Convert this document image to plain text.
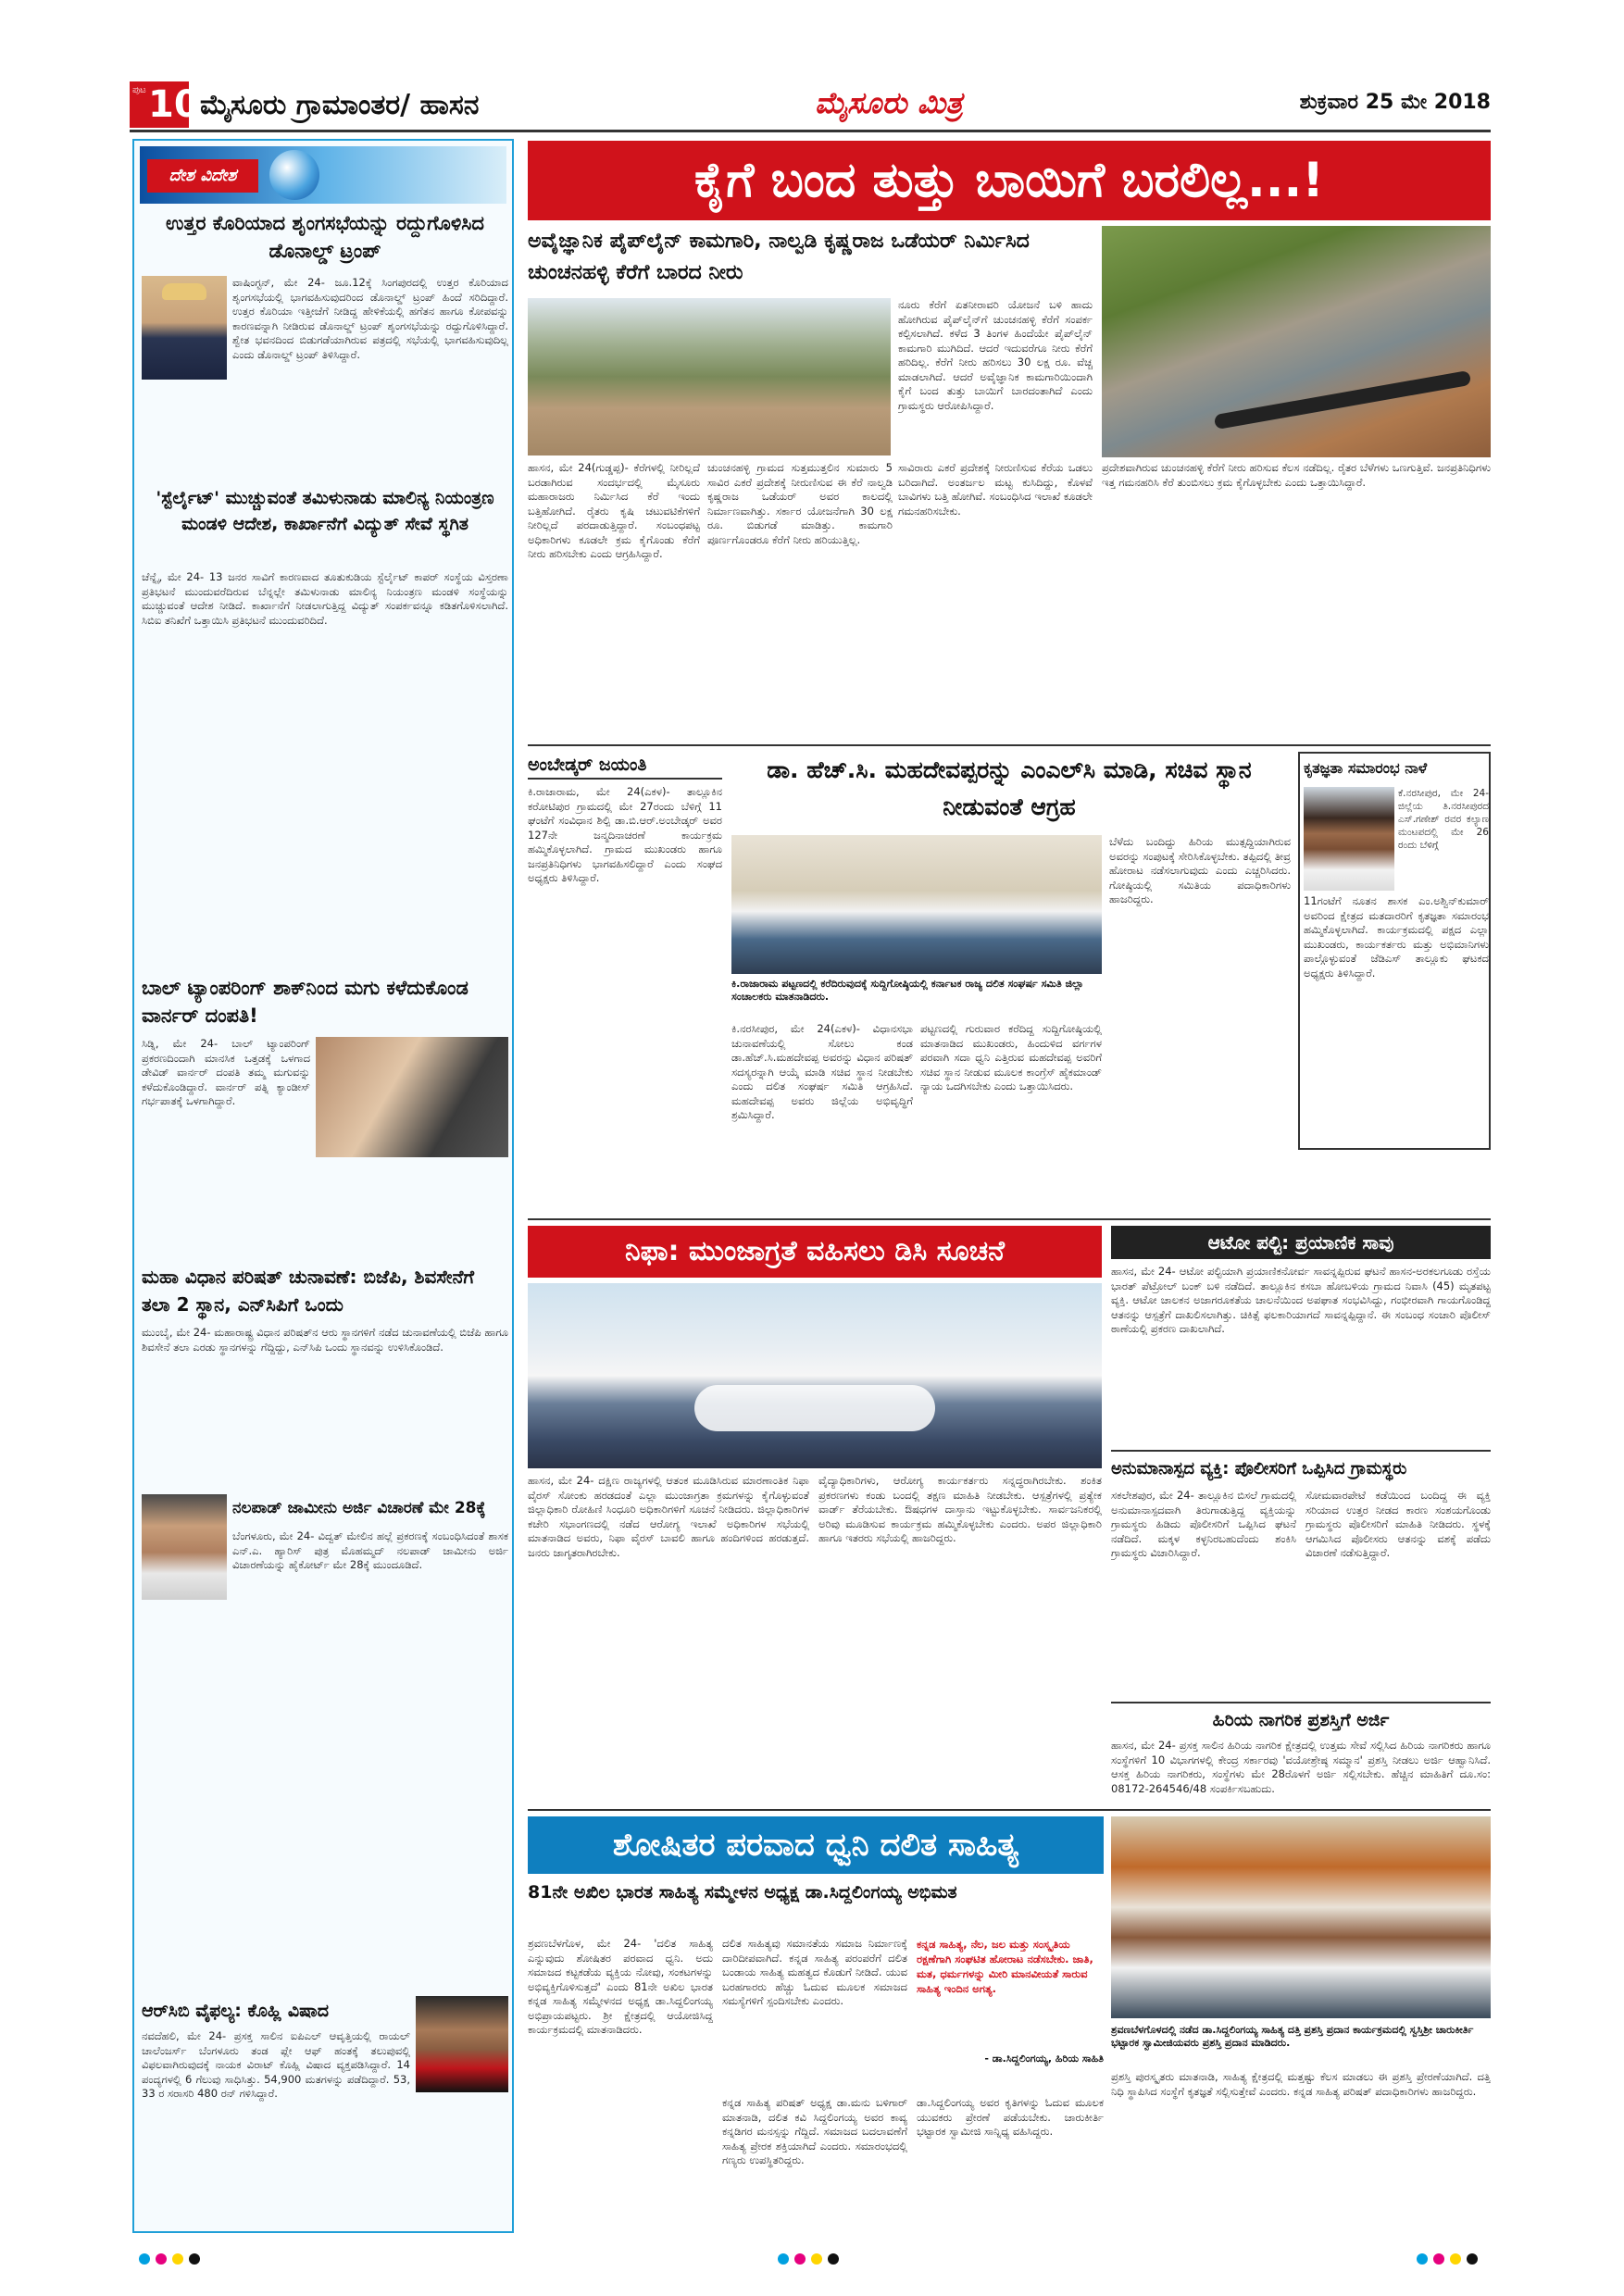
ಪುಟ 10 ಮೈಸೂರು ಗ್ರಾಮಾಂತರ/ ಹಾಸನ	ಮೈಸೂರು ಮಿತ್ರ	ಶುಕ್ರವಾರ 25 ಮೇ 2018
ದೇಶ ವಿದೇಶ
ಉತ್ತರ ಕೊರಿಯಾದ ಶೃಂಗಸಭೆಯನ್ನು ರದ್ದುಗೊಳಿಸಿದ ಡೊನಾಲ್ಡ್ ಟ್ರಂಪ್
ವಾಷಿಂಗ್ಟನ್, ಮೇ 24- ಜೂ.12ಕ್ಕೆ ಸಿಂಗಪುರದಲ್ಲಿ ಉತ್ತರ ಕೊರಿಯಾದ ಶೃಂಗಸಭೆಯಲ್ಲಿ ಭಾಗವಹಿಸುವುದರಿಂದ ಡೊನಾಲ್ಡ್ ಟ್ರಂಪ್ ಹಿಂದೆ ಸರಿದಿದ್ದಾರೆ. ಉತ್ತರ ಕೊರಿಯಾ ಇತ್ತೀಚೆಗೆ ನೀಡಿದ್ದ ಹೇಳಿಕೆಯಲ್ಲಿ ಹಗೆತನ ಹಾಗೂ ಕೋಪವನ್ನು ಕಾರಣವನ್ನಾಗಿ ನೀಡಿರುವ ಡೊನಾಲ್ಡ್ ಟ್ರಂಪ್ ಶೃಂಗಸಭೆಯನ್ನು ರದ್ದುಗೊಳಿಸಿದ್ದಾರೆ. ಶ್ವೇತ ಭವನದಿಂದ ಬಿಡುಗಡೆಯಾಗಿರುವ ಪತ್ರದಲ್ಲಿ ಸಭೆಯಲ್ಲಿ ಭಾಗವಹಿಸುವುದಿಲ್ಲ ಎಂದು ಡೊನಾಲ್ಡ್ ಟ್ರಂಪ್ ತಿಳಿಸಿದ್ದಾರೆ.
'ಸ್ಟೆರ್ಲೈಟ್' ಮುಚ್ಚುವಂತೆ ತಮಿಳುನಾಡು ಮಾಲಿನ್ಯ ನಿಯಂತ್ರಣ ಮಂಡಳಿ ಆದೇಶ, ಕಾರ್ಖಾನೆಗೆ ವಿದ್ಯುತ್ ಸೇವೆ ಸ್ಥಗಿತ
ಚೆನ್ನೈ, ಮೇ 24- 13 ಜನರ ಸಾವಿಗೆ ಕಾರಣವಾದ ತೂತುಕುಡಿಯ ಸ್ಟೆರ್ಲೈಟ್ ಕಾಪರ್ ಸಂಸ್ಥೆಯ ವಿಸ್ತರಣಾ ಪ್ರತಿಭಟನೆ ಮುಂದುವರೆದಿರುವ ಬೆನ್ನಲ್ಲೇ ತಮಿಳುನಾಡು ಮಾಲಿನ್ಯ ನಿಯಂತ್ರಣ ಮಂಡಳಿ ಸಂಸ್ಥೆಯನ್ನು ಮುಚ್ಚುವಂತೆ ಆದೇಶ ನೀಡಿದೆ. ಕಾರ್ಖಾನೆಗೆ ನೀಡಲಾಗುತ್ತಿದ್ದ ವಿದ್ಯುತ್ ಸಂಪರ್ಕವನ್ನೂ ಕಡಿತಗೊಳಿಸಲಾಗಿದೆ. ಸಿಬಿಐ ತನಿಖೆಗೆ ಒತ್ತಾಯಿಸಿ ಪ್ರತಿಭಟನೆ ಮುಂದುವರಿದಿದೆ.
ಬಾಲ್ ಟ್ಯಾಂಪರಿಂಗ್ ಶಾಕ್‌ನಿಂದ ಮಗು ಕಳೆದುಕೊಂಡ ವಾರ್ನರ್ ದಂಪತಿ!
ಸಿಡ್ನಿ, ಮೇ 24- ಬಾಲ್ ಟ್ಯಾಂಪರಿಂಗ್ ಪ್ರಕರಣದಿಂದಾಗಿ ಮಾನಸಿಕ ಒತ್ತಡಕ್ಕೆ ಒಳಗಾದ ಡೇವಿಡ್ ವಾರ್ನರ್ ದಂಪತಿ ತಮ್ಮ ಮಗುವನ್ನು ಕಳೆದುಕೊಂಡಿದ್ದಾರೆ. ವಾರ್ನರ್ ಪತ್ನಿ ಕ್ಯಾಂಡೀಸ್ ಗರ್ಭಪಾತಕ್ಕೆ ಒಳಗಾಗಿದ್ದಾರೆ.
ಮಹಾ ವಿಧಾನ ಪರಿಷತ್ ಚುನಾವಣೆ: ಬಿಜೆಪಿ, ಶಿವಸೇನೆಗೆ ತಲಾ 2 ಸ್ಥಾನ, ಎನ್‌ಸಿಪಿಗೆ ಒಂದು
ಮುಂಬೈ, ಮೇ 24- ಮಹಾರಾಷ್ಟ್ರ ವಿಧಾನ ಪರಿಷತ್‌ನ ಆರು ಸ್ಥಾನಗಳಿಗೆ ನಡೆದ ಚುನಾವಣೆಯಲ್ಲಿ ಬಿಜೆಪಿ ಹಾಗೂ ಶಿವಸೇನೆ ತಲಾ ಎರಡು ಸ್ಥಾನಗಳನ್ನು ಗೆದ್ದಿದ್ದು, ಎನ್‌ಸಿಪಿ ಒಂದು ಸ್ಥಾನವನ್ನು ಉಳಿಸಿಕೊಂಡಿದೆ.
ನಲಪಾಡ್ ಜಾಮೀನು ಅರ್ಜಿ ವಿಚಾರಣೆ ಮೇ 28ಕ್ಕೆ
ಬೆಂಗಳೂರು, ಮೇ 24- ವಿದ್ವತ್ ಮೇಲಿನ ಹಲ್ಲೆ ಪ್ರಕರಣಕ್ಕೆ ಸಂಬಂಧಿಸಿದಂತೆ ಶಾಸಕ ಎನ್.ಎ. ಹ್ಯಾರಿಸ್ ಪುತ್ರ ಮೊಹಮ್ಮದ್ ನಲಪಾಡ್ ಜಾಮೀನು ಅರ್ಜಿ ವಿಚಾರಣೆಯನ್ನು ಹೈಕೋರ್ಟ್ ಮೇ 28ಕ್ಕೆ ಮುಂದೂಡಿದೆ.
ಆರ್‌ಸಿಬಿ ವೈಫಲ್ಯ: ಕೊಹ್ಲಿ ವಿಷಾದ
ನವದೆಹಲಿ, ಮೇ 24- ಪ್ರಸಕ್ತ ಸಾಲಿನ ಐಪಿಎಲ್ ಆವೃತ್ತಿಯಲ್ಲಿ ರಾಯಲ್ ಚಾಲೆಂಜರ್ಸ್ ಬೆಂಗಳೂರು ತಂಡ ಪ್ಲೇ ಆಫ್ ಹಂತಕ್ಕೆ ತಲುಪುವಲ್ಲಿ ವಿಫಲವಾಗಿರುವುದಕ್ಕೆ ನಾಯಕ ವಿರಾಟ್ ಕೊಹ್ಲಿ ವಿಷಾದ ವ್ಯಕ್ತಪಡಿಸಿದ್ದಾರೆ. 14 ಪಂದ್ಯಗಳಲ್ಲಿ 6 ಗೆಲುವು ಸಾಧಿಸಿತ್ತು. 54,900 ಮತಗಳನ್ನು ಪಡೆದಿದ್ದಾರೆ. 53, 33 ರ ಸರಾಸರಿ 480 ರನ್ ಗಳಿಸಿದ್ದಾರೆ.
ಕೈಗೆ ಬಂದ ತುತ್ತು ಬಾಯಿಗೆ ಬರಲಿಲ್ಲ...!
ಅವೈಜ್ಞಾನಿಕ ಪೈಪ್‌ಲೈನ್ ಕಾಮಗಾರಿ, ನಾಲ್ವಡಿ ಕೃಷ್ಣರಾಜ ಒಡೆಯರ್ ನಿರ್ಮಿಸಿದ ಚುಂಚನಹಳ್ಳಿ ಕೆರೆಗೆ ಬಾರದ ನೀರು
ನೂರು ಕೆರೆಗೆ ಏತನೀರಾವರಿ ಯೋಜನೆ ಬಳಿ ಹಾದು ಹೋಗಿರುವ ಪೈಪ್‌ಲೈನ್‌ಗೆ ಚುಂಚನಹಳ್ಳಿ ಕೆರೆಗೆ ಸಂಪರ್ಕ ಕಲ್ಪಿಸಲಾಗಿದೆ. ಕಳೆದ 3 ತಿಂಗಳ ಹಿಂದೆಯೇ ಪೈಪ್‌ಲೈನ್ ಕಾಮಗಾರಿ ಮುಗಿದಿದೆ. ಆದರೆ ಇದುವರೆಗೂ ನೀರು ಕೆರೆಗೆ ಹರಿದಿಲ್ಲ. ಕೆರೆಗೆ ನೀರು ಹರಿಸಲು 30 ಲಕ್ಷ ರೂ. ವೆಚ್ಚ ಮಾಡಲಾಗಿದೆ. ಆದರೆ ಅವೈಜ್ಞಾನಿಕ ಕಾಮಗಾರಿಯಿಂದಾಗಿ ಕೈಗೆ ಬಂದ ತುತ್ತು ಬಾಯಿಗೆ ಬಾರದಂತಾಗಿದೆ ಎಂದು ಗ್ರಾಮಸ್ಥರು ಆರೋಪಿಸಿದ್ದಾರೆ.
ಹಾಸನ, ಮೇ 24(ಗುಡ್ಡಪ್ಪ)- ಕೆರೆಗಳಲ್ಲಿ ನೀರಿಲ್ಲದೆ ಬರಡಾಗಿರುವ ಸಂದರ್ಭದಲ್ಲಿ ಮೈಸೂರು ಮಹಾರಾಜರು ನಿರ್ಮಿಸಿದ ಕೆರೆ ಇಂದು ಬತ್ತಿಹೋಗಿದೆ. ರೈತರು ಕೃಷಿ ಚಟುವಟಿಕೆಗಳಿಗೆ ನೀರಿಲ್ಲದೆ ಪರದಾಡುತ್ತಿದ್ದಾರೆ. ಸಂಬಂಧಪಟ್ಟ ಅಧಿಕಾರಿಗಳು ಕೂಡಲೇ ಕ್ರಮ ಕೈಗೊಂಡು ಕೆರೆಗೆ ನೀರು ಹರಿಸಬೇಕು ಎಂದು ಆಗ್ರಹಿಸಿದ್ದಾರೆ.
ಚುಂಚನಹಳ್ಳಿ ಗ್ರಾಮದ ಸುತ್ತಮುತ್ತಲಿನ ಸುಮಾರು 5 ಸಾವಿರ ಎಕರೆ ಪ್ರದೇಶಕ್ಕೆ ನೀರುಣಿಸುವ ಈ ಕೆರೆ ನಾಲ್ವಡಿ ಕೃಷ್ಣರಾಜ ಒಡೆಯರ್ ಅವರ ಕಾಲದಲ್ಲಿ ನಿರ್ಮಾಣವಾಗಿತ್ತು. ಸರ್ಕಾರ ಯೋಜನೆಗಾಗಿ 30 ಲಕ್ಷ ರೂ. ಬಿಡುಗಡೆ ಮಾಡಿತ್ತು. ಕಾಮಗಾರಿ ಪೂರ್ಣಗೊಂಡರೂ ಕೆರೆಗೆ ನೀರು ಹರಿಯುತ್ತಿಲ್ಲ.
ಸಾವಿರಾರು ಎಕರೆ ಪ್ರದೇಶಕ್ಕೆ ನೀರುಣಿಸುವ ಕೆರೆಯ ಒಡಲು ಬರಿದಾಗಿದೆ. ಅಂತರ್ಜಲ ಮಟ್ಟ ಕುಸಿದಿದ್ದು, ಕೊಳವೆ ಬಾವಿಗಳು ಬತ್ತಿ ಹೋಗಿವೆ. ಸಂಬಂಧಿಸಿದ ಇಲಾಖೆ ಕೂಡಲೇ ಗಮನಹರಿಸಬೇಕು.
ಪ್ರದೇಶವಾಗಿರುವ ಚುಂಚನಹಳ್ಳಿ ಕೆರೆಗೆ ನೀರು ಹರಿಸುವ ಕೆಲಸ ನಡೆದಿಲ್ಲ. ರೈತರ ಬೆಳೆಗಳು ಒಣಗುತ್ತಿವೆ. ಜನಪ್ರತಿನಿಧಿಗಳು ಇತ್ತ ಗಮನಹರಿಸಿ ಕೆರೆ ತುಂಬಿಸಲು ಕ್ರಮ ಕೈಗೊಳ್ಳಬೇಕು ಎಂದು ಒತ್ತಾಯಿಸಿದ್ದಾರೆ.
ಅಂಬೇಡ್ಕರ್ ಜಯಂತಿ
ಕಿ.ರಾಜಾರಾಮ, ಮೇ 24(ಎಕಳ)- ತಾಲ್ಲೂಕಿನ ಕರೋಟಿಪುರ ಗ್ರಾಮದಲ್ಲಿ ಮೇ 27ರಂದು ಬೆಳಿಗ್ಗೆ 11 ಘಂಟೆಗೆ ಸಂವಿಧಾನ ಶಿಲ್ಪಿ ಡಾ.ಬಿ.ಆರ್.ಅಂಬೇಡ್ಕರ್ ಅವರ 127ನೇ ಜನ್ಮದಿನಾಚರಣೆ ಕಾರ್ಯಕ್ರಮ ಹಮ್ಮಿಕೊಳ್ಳಲಾಗಿದೆ. ಗ್ರಾಮದ ಮುಖಂಡರು ಹಾಗೂ ಜನಪ್ರತಿನಿಧಿಗಳು ಭಾಗವಹಿಸಲಿದ್ದಾರೆ ಎಂದು ಸಂಘದ ಅಧ್ಯಕ್ಷರು ತಿಳಿಸಿದ್ದಾರೆ.
ಡಾ. ಹೆಚ್.ಸಿ. ಮಹದೇವಪ್ಪರನ್ನು ಎಂಎಲ್‌ಸಿ ಮಾಡಿ, ಸಚಿವ ಸ್ಥಾನ ನೀಡುವಂತೆ ಆಗ್ರಹ
ಕಿ.ರಾಜಾರಾಮ ಪಟ್ಟಣದಲ್ಲಿ ಕರೆದಿರುವುದಕ್ಕೆ ಸುದ್ದಿಗೋಷ್ಠಿಯಲ್ಲಿ ಕರ್ನಾಟಕ ರಾಜ್ಯ ದಲಿತ ಸಂಘರ್ಷ ಸಮಿತಿ ಜಿಲ್ಲಾ ಸಂಚಾಲಕರು ಮಾತನಾಡಿದರು.
ಕಿ.ನರಸೀಪುರ, ಮೇ 24(ಎಕಳ)- ವಿಧಾನಸಭಾ ಚುನಾವಣೆಯಲ್ಲಿ ಸೋಲು ಕಂಡ ಡಾ.ಹೆಚ್.ಸಿ.ಮಹದೇವಪ್ಪ ಅವರನ್ನು ವಿಧಾನ ಪರಿಷತ್ ಸದಸ್ಯರನ್ನಾಗಿ ಆಯ್ಕೆ ಮಾಡಿ ಸಚಿವ ಸ್ಥಾನ ನೀಡಬೇಕು ಎಂದು ದಲಿತ ಸಂಘರ್ಷ ಸಮಿತಿ ಆಗ್ರಹಿಸಿದೆ. ಮಹದೇವಪ್ಪ ಅವರು ಜಿಲ್ಲೆಯ ಅಭಿವೃದ್ಧಿಗೆ ಶ್ರಮಿಸಿದ್ದಾರೆ.
ಪಟ್ಟಣದಲ್ಲಿ ಗುರುವಾರ ಕರೆದಿದ್ದ ಸುದ್ದಿಗೋಷ್ಠಿಯಲ್ಲಿ ಮಾತನಾಡಿದ ಮುಖಂಡರು, ಹಿಂದುಳಿದ ವರ್ಗಗಳ ಪರವಾಗಿ ಸದಾ ಧ್ವನಿ ಎತ್ತಿರುವ ಮಹದೇವಪ್ಪ ಅವರಿಗೆ ಸಚಿವ ಸ್ಥಾನ ನೀಡುವ ಮೂಲಕ ಕಾಂಗ್ರೆಸ್ ಹೈಕಮಾಂಡ್ ನ್ಯಾಯ ಒದಗಿಸಬೇಕು ಎಂದು ಒತ್ತಾಯಿಸಿದರು.
ಬೆಳೆದು ಬಂದಿದ್ದು ಹಿರಿಯ ಮುತ್ಸದ್ದಿಯಾಗಿರುವ ಅವರನ್ನು ಸಂಪುಟಕ್ಕೆ ಸೇರಿಸಿಕೊಳ್ಳಬೇಕು. ತಪ್ಪಿದಲ್ಲಿ ತೀವ್ರ ಹೋರಾಟ ನಡೆಸಲಾಗುವುದು ಎಂದು ಎಚ್ಚರಿಸಿದರು. ಗೋಷ್ಠಿಯಲ್ಲಿ ಸಮಿತಿಯ ಪದಾಧಿಕಾರಿಗಳು ಹಾಜರಿದ್ದರು.
ಕೃತಜ್ಞತಾ ಸಮಾರಂಭ ನಾಳೆ
ಕೆ.ನರಸೀಪುರ, ಮೇ 24- ಜಿಲ್ಲೆಯ ತಿ.ನರಸೀಪುರದ ಎಸ್.ಗಣೇಶ್ ರವರ ಕಲ್ಯಾಣ ಮಂಟಪದಲ್ಲಿ ಮೇ 26 ರಂದು ಬೆಳಿಗ್ಗೆ
11ಗಂಟೆಗೆ ನೂತನ ಶಾಸಕ ಎಂ.ಅಶ್ವಿನ್‌ಕುಮಾರ್ ಅವರಿಂದ ಕ್ಷೇತ್ರದ ಮತದಾರರಿಗೆ ಕೃತಜ್ಞತಾ ಸಮಾರಂಭ ಹಮ್ಮಿಕೊಳ್ಳಲಾಗಿದೆ. ಕಾರ್ಯಕ್ರಮದಲ್ಲಿ ಪಕ್ಷದ ಎಲ್ಲಾ ಮುಖಂಡರು, ಕಾರ್ಯಕರ್ತರು ಮತ್ತು ಅಭಿಮಾನಿಗಳು ಪಾಲ್ಗೊಳ್ಳುವಂತೆ ಜೆಡಿಎಸ್ ತಾಲ್ಲೂಕು ಘಟಕದ ಅಧ್ಯಕ್ಷರು ತಿಳಿಸಿದ್ದಾರೆ.
ನಿಫಾ: ಮುಂಜಾಗ್ರತೆ ವಹಿಸಲು ಡಿಸಿ ಸೂಚನೆ
ಹಾಸನ, ಮೇ 24- ದಕ್ಷಿಣ ರಾಜ್ಯಗಳಲ್ಲಿ ಆತಂಕ ಮೂಡಿಸಿರುವ ಮಾರಣಾಂತಿಕ ನಿಫಾ ವೈರಸ್ ಸೋಂಕು ಹರಡದಂತೆ ಎಲ್ಲಾ ಮುಂಜಾಗ್ರತಾ ಕ್ರಮಗಳನ್ನು ಕೈಗೊಳ್ಳುವಂತೆ ಜಿಲ್ಲಾಧಿಕಾರಿ ರೋಹಿಣಿ ಸಿಂಧೂರಿ ಅಧಿಕಾರಿಗಳಿಗೆ ಸೂಚನೆ ನೀಡಿದರು. ಜಿಲ್ಲಾಧಿಕಾರಿಗಳ ಕಚೇರಿ ಸಭಾಂಗಣದಲ್ಲಿ ನಡೆದ ಆರೋಗ್ಯ ಇಲಾಖೆ ಅಧಿಕಾರಿಗಳ ಸಭೆಯಲ್ಲಿ ಮಾತನಾಡಿದ ಅವರು, ನಿಫಾ ವೈರಸ್ ಬಾವಲಿ ಹಾಗೂ ಹಂದಿಗಳಿಂದ ಹರಡುತ್ತದೆ. ಜನರು ಜಾಗೃತರಾಗಿರಬೇಕು.
ವೈದ್ಯಾಧಿಕಾರಿಗಳು, ಆರೋಗ್ಯ ಕಾರ್ಯಕರ್ತರು ಸನ್ನದ್ಧರಾಗಿರಬೇಕು. ಶಂಕಿತ ಪ್ರಕರಣಗಳು ಕಂಡು ಬಂದಲ್ಲಿ ತಕ್ಷಣ ಮಾಹಿತಿ ನೀಡಬೇಕು. ಆಸ್ಪತ್ರೆಗಳಲ್ಲಿ ಪ್ರತ್ಯೇಕ ವಾರ್ಡ್ ತೆರೆಯಬೇಕು. ಔಷಧಗಳ ದಾಸ್ತಾನು ಇಟ್ಟುಕೊಳ್ಳಬೇಕು. ಸಾರ್ವಜನಿಕರಲ್ಲಿ ಅರಿವು ಮೂಡಿಸುವ ಕಾರ್ಯಕ್ರಮ ಹಮ್ಮಿಕೊಳ್ಳಬೇಕು ಎಂದರು. ಅಪರ ಜಿಲ್ಲಾಧಿಕಾರಿ ಹಾಗೂ ಇತರರು ಸಭೆಯಲ್ಲಿ ಹಾಜರಿದ್ದರು.
ಆಟೋ ಪಲ್ಟಿ: ಪ್ರಯಾಣಿಕ ಸಾವು
ಹಾಸನ, ಮೇ 24- ಆಟೋ ಪಲ್ಟಿಯಾಗಿ ಪ್ರಯಾಣಿಕನೋರ್ವ ಸಾವನ್ನಪ್ಪಿರುವ ಘಟನೆ ಹಾಸನ-ಅರಕಲಗೂಡು ರಸ್ತೆಯ ಭಾರತ್ ಪೆಟ್ರೋಲ್ ಬಂಕ್ ಬಳಿ ನಡೆದಿದೆ. ತಾಲ್ಲೂಕಿನ ಕಸಬಾ ಹೋಬಳಿಯ ಗ್ರಾಮದ ನಿವಾಸಿ (45) ಮೃತಪಟ್ಟ ವ್ಯಕ್ತಿ. ಆಟೋ ಚಾಲಕನ ಅಜಾಗರೂಕತೆಯ ಚಾಲನೆಯಿಂದ ಅಪಘಾತ ಸಂಭವಿಸಿದ್ದು, ಗಂಭೀರವಾಗಿ ಗಾಯಗೊಂಡಿದ್ದ ಆತನನ್ನು ಆಸ್ಪತ್ರೆಗೆ ದಾಖಲಿಸಲಾಗಿತ್ತು. ಚಿಕಿತ್ಸೆ ಫಲಕಾರಿಯಾಗದೆ ಸಾವನ್ನಪ್ಪಿದ್ದಾನೆ. ಈ ಸಂಬಂಧ ಸಂಚಾರಿ ಪೊಲೀಸ್ ಠಾಣೆಯಲ್ಲಿ ಪ್ರಕರಣ ದಾಖಲಾಗಿದೆ.
ಅನುಮಾನಾಸ್ಪದ ವ್ಯಕ್ತಿ: ಪೊಲೀಸರಿಗೆ ಒಪ್ಪಿಸಿದ ಗ್ರಾಮಸ್ಥರು
ಸಕಲೇಶಪುರ, ಮೇ 24- ತಾಲ್ಲೂಕಿನ ಬಿಸಲೆ ಗ್ರಾಮದಲ್ಲಿ ಅನುಮಾನಾಸ್ಪದವಾಗಿ ತಿರುಗಾಡುತ್ತಿದ್ದ ವ್ಯಕ್ತಿಯನ್ನು ಗ್ರಾಮಸ್ಥರು ಹಿಡಿದು ಪೊಲೀಸರಿಗೆ ಒಪ್ಪಿಸಿದ ಘಟನೆ ನಡೆದಿದೆ. ಮಕ್ಕಳ ಕಳ್ಳನಿರಬಹುದೆಂದು ಶಂಕಿಸಿ ಗ್ರಾಮಸ್ಥರು ವಿಚಾರಿಸಿದ್ದಾರೆ.
ಸೋಮವಾರಪೇಟೆ ಕಡೆಯಿಂದ ಬಂದಿದ್ದ ಈ ವ್ಯಕ್ತಿ ಸರಿಯಾದ ಉತ್ತರ ನೀಡದ ಕಾರಣ ಸಂಶಯಗೊಂಡು ಗ್ರಾಮಸ್ಥರು ಪೊಲೀಸರಿಗೆ ಮಾಹಿತಿ ನೀಡಿದರು. ಸ್ಥಳಕ್ಕೆ ಆಗಮಿಸಿದ ಪೊಲೀಸರು ಆತನನ್ನು ವಶಕ್ಕೆ ಪಡೆದು ವಿಚಾರಣೆ ನಡೆಸುತ್ತಿದ್ದಾರೆ.
ಹಿರಿಯ ನಾಗರಿಕ ಪ್ರಶಸ್ತಿಗೆ ಅರ್ಜಿ
ಹಾಸನ, ಮೇ 24- ಪ್ರಸಕ್ತ ಸಾಲಿನ ಹಿರಿಯ ನಾಗರಿಕ ಕ್ಷೇತ್ರದಲ್ಲಿ ಉತ್ತಮ ಸೇವೆ ಸಲ್ಲಿಸಿದ ಹಿರಿಯ ನಾಗರಿಕರು ಹಾಗೂ ಸಂಸ್ಥೆಗಳಿಗೆ 10 ವಿಭಾಗಗಳಲ್ಲಿ ಕೇಂದ್ರ ಸರ್ಕಾರವು 'ವಯೋಶ್ರೇಷ್ಠ ಸಮ್ಮಾನ' ಪ್ರಶಸ್ತಿ ನೀಡಲು ಅರ್ಜಿ ಆಹ್ವಾನಿಸಿದೆ. ಆಸಕ್ತ ಹಿರಿಯ ನಾಗರಿಕರು, ಸಂಸ್ಥೆಗಳು ಮೇ 28ರೊಳಗೆ ಅರ್ಜಿ ಸಲ್ಲಿಸಬೇಕು. ಹೆಚ್ಚಿನ ಮಾಹಿತಿಗೆ ದೂ.ಸಂ: 08172-264546/48 ಸಂಪರ್ಕಿಸಬಹುದು.
ಶೋಷಿತರ ಪರವಾದ ಧ್ವನಿ ದಲಿತ ಸಾಹಿತ್ಯ
81ನೇ ಅಖಿಲ ಭಾರತ ಸಾಹಿತ್ಯ ಸಮ್ಮೇಳನ ಅಧ್ಯಕ್ಷ ಡಾ.ಸಿದ್ದಲಿಂಗಯ್ಯ ಅಭಿಮತ
ಶ್ರವಣಬೆಳಗೊಳ, ಮೇ 24- 'ದಲಿತ ಸಾಹಿತ್ಯ ಎನ್ನುವುದು ಶೋಷಿತರ ಪರವಾದ ಧ್ವನಿ. ಅದು ಸಮಾಜದ ಕಟ್ಟಕಡೆಯ ವ್ಯಕ್ತಿಯ ನೋವು, ಸಂಕಟಗಳನ್ನು ಅಭಿವ್ಯಕ್ತಿಗೊಳಿಸುತ್ತದೆ' ಎಂದು 81ನೇ ಅಖಿಲ ಭಾರತ ಕನ್ನಡ ಸಾಹಿತ್ಯ ಸಮ್ಮೇಳನದ ಅಧ್ಯಕ್ಷ ಡಾ.ಸಿದ್ದಲಿಂಗಯ್ಯ ಅಭಿಪ್ರಾಯಪಟ್ಟರು. ಶ್ರೀ ಕ್ಷೇತ್ರದಲ್ಲಿ ಆಯೋಜಿಸಿದ್ದ ಕಾರ್ಯಕ್ರಮದಲ್ಲಿ ಮಾತನಾಡಿದರು.
ದಲಿತ ಸಾಹಿತ್ಯವು ಸಮಾನತೆಯ ಸಮಾಜ ನಿರ್ಮಾಣಕ್ಕೆ ದಾರಿದೀಪವಾಗಿದೆ. ಕನ್ನಡ ಸಾಹಿತ್ಯ ಪರಂಪರೆಗೆ ದಲಿತ ಬಂಡಾಯ ಸಾಹಿತ್ಯ ಮಹತ್ವದ ಕೊಡುಗೆ ನೀಡಿದೆ. ಯುವ ಬರಹಗಾರರು ಹೆಚ್ಚು ಓದುವ ಮೂಲಕ ಸಮಾಜದ ಸಮಸ್ಯೆಗಳಿಗೆ ಸ್ಪಂದಿಸಬೇಕು ಎಂದರು.
ಕನ್ನಡ ಸಾಹಿತ್ಯ, ನೆಲ, ಜಲ ಮತ್ತು ಸಂಸ್ಕೃತಿಯ ರಕ್ಷಣೆಗಾಗಿ ಸಂಘಟಿತ ಹೋರಾಟ ನಡೆಸಬೇಕು. ಜಾತಿ, ಮತ, ಧರ್ಮಗಳನ್ನು ಮೀರಿ ಮಾನವೀಯತೆ ಸಾರುವ ಸಾಹಿತ್ಯ ಇಂದಿನ ಅಗತ್ಯ.
- ಡಾ.ಸಿದ್ದಲಿಂಗಯ್ಯ, ಹಿರಿಯ ಸಾಹಿತಿ
ಕನ್ನಡ ಸಾಹಿತ್ಯ ಪರಿಷತ್ ಅಧ್ಯಕ್ಷ ಡಾ.ಮನು ಬಳಿಗಾರ್ ಮಾತನಾಡಿ, ದಲಿತ ಕವಿ ಸಿದ್ದಲಿಂಗಯ್ಯ ಅವರ ಕಾವ್ಯ ಕನ್ನಡಿಗರ ಮನಸ್ಸನ್ನು ಗೆದ್ದಿದೆ. ಸಮಾಜದ ಬದಲಾವಣೆಗೆ ಸಾಹಿತ್ಯ ಪ್ರೇರಕ ಶಕ್ತಿಯಾಗಿದೆ ಎಂದರು. ಸಮಾರಂಭದಲ್ಲಿ ಗಣ್ಯರು ಉಪಸ್ಥಿತರಿದ್ದರು.
ಡಾ.ಸಿದ್ದಲಿಂಗಯ್ಯ ಅವರ ಕೃತಿಗಳನ್ನು ಓದುವ ಮೂಲಕ ಯುವಕರು ಪ್ರೇರಣೆ ಪಡೆಯಬೇಕು. ಚಾರುಕೀರ್ತಿ ಭಟ್ಟಾರಕ ಸ್ವಾಮೀಜಿ ಸಾನ್ನಿಧ್ಯ ವಹಿಸಿದ್ದರು.
ಶ್ರವಣಬೆಳಗೊಳದಲ್ಲಿ ನಡೆದ ಡಾ.ಸಿದ್ದಲಿಂಗಯ್ಯ ಸಾಹಿತ್ಯ ದತ್ತಿ ಪ್ರಶಸ್ತಿ ಪ್ರದಾನ ಕಾರ್ಯಕ್ರಮದಲ್ಲಿ ಸ್ವಸ್ತಿಶ್ರೀ ಚಾರುಕೀರ್ತಿ ಭಟ್ಟಾರಕ ಸ್ವಾಮೀಜಿಯವರು ಪ್ರಶಸ್ತಿ ಪ್ರದಾನ ಮಾಡಿದರು.
ಪ್ರಶಸ್ತಿ ಪುರಸ್ಕೃತರು ಮಾತನಾಡಿ, ಸಾಹಿತ್ಯ ಕ್ಷೇತ್ರದಲ್ಲಿ ಮತ್ತಷ್ಟು ಕೆಲಸ ಮಾಡಲು ಈ ಪ್ರಶಸ್ತಿ ಪ್ರೇರಣೆಯಾಗಿದೆ. ದತ್ತಿ ನಿಧಿ ಸ್ಥಾಪಿಸಿದ ಸಂಸ್ಥೆಗೆ ಕೃತಜ್ಞತೆ ಸಲ್ಲಿಸುತ್ತೇವೆ ಎಂದರು. ಕನ್ನಡ ಸಾಹಿತ್ಯ ಪರಿಷತ್ ಪದಾಧಿಕಾರಿಗಳು ಹಾಜರಿದ್ದರು.
